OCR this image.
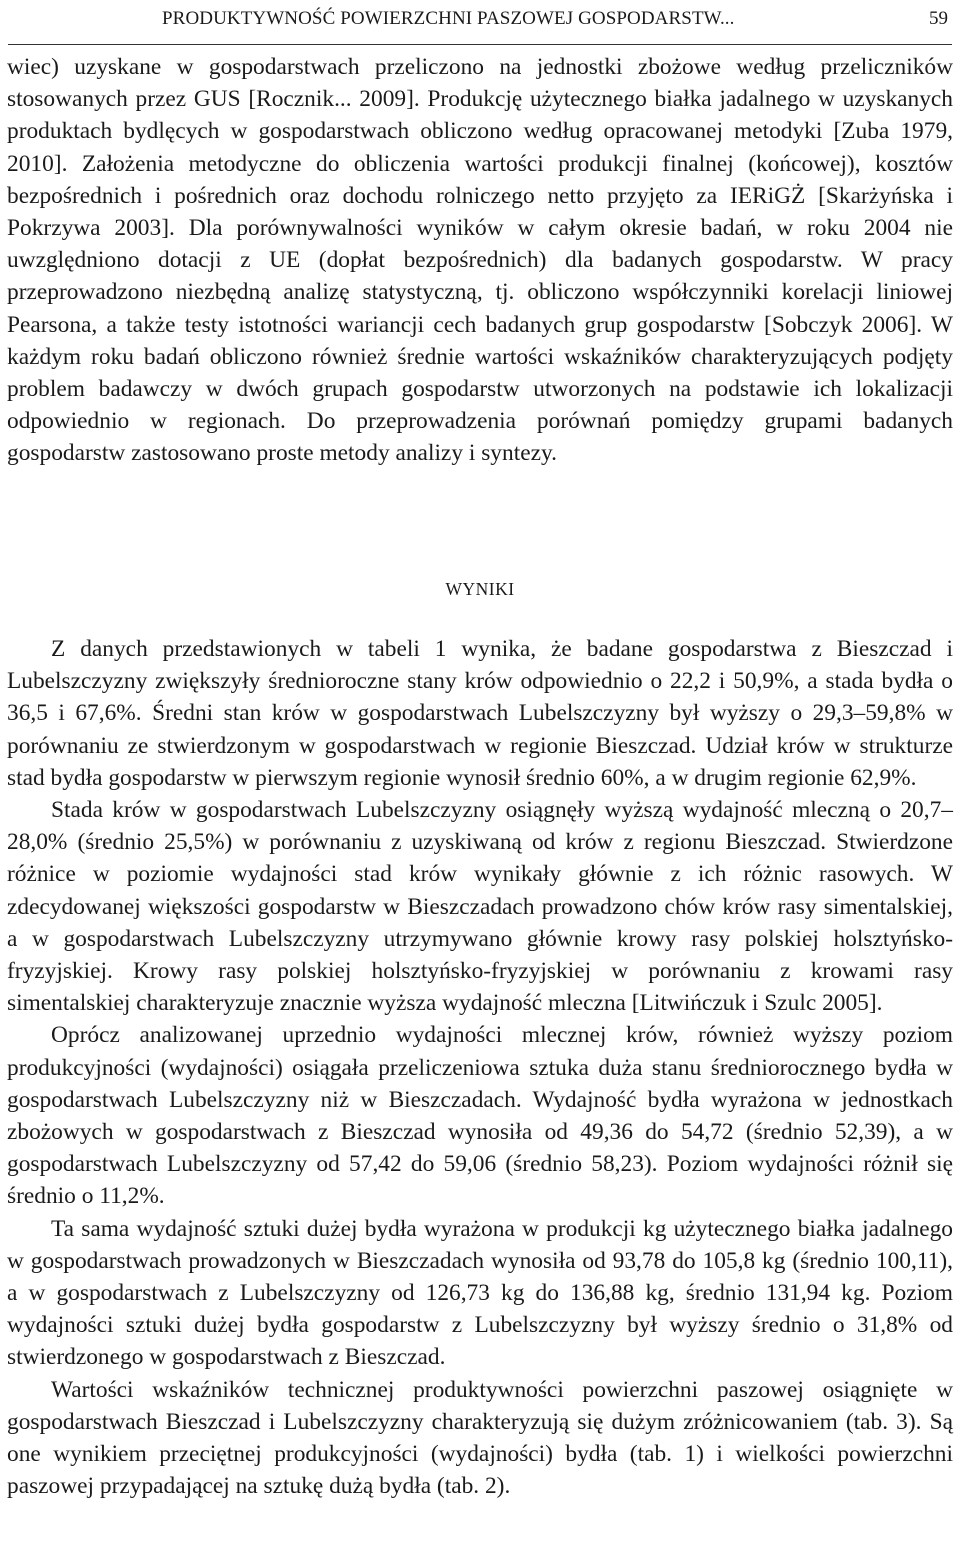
PRODUKTYWNOŚĆ POWIERZCHNI PASZOWEJ GOSPODARSTW...	59

wiec) uzyskane w gospodarstwach przeliczono na jednostki zbożowe według przeliczników stosowanych przez GUS [Rocznik... 2009]. Produkcję użytecznego białka jadalnego w uzyskanych produktach bydlęcych w gospodarstwach obliczono według opracowanej metodyki [Zuba 1979, 2010]. Założenia metodyczne do obliczenia wartości produkcji finalnej (końcowej), kosztów bezpośrednich i pośrednich oraz dochodu rolniczego netto przyjęto za IERiGŻ [Skarżyńska i Pokrzywa 2003]. Dla porównywalności wyników w całym okresie badań, w roku 2004 nie uwzględniono dotacji z UE (dopłat bezpośrednich) dla badanych gospodarstw. W pracy przeprowadzono niezbędną analizę statystyczną, tj. obliczono współczynniki korelacji liniowej Pearsona, a także testy istotności wariancji cech badanych grup gospodarstw [Sobczyk 2006]. W każdym roku badań obliczono również średnie wartości wskaźników charakteryzujących podjęty problem badawczy w dwóch grupach gospodarstw utworzonych na podstawie ich lokalizacji odpowiednio w regionach. Do przeprowadzenia porównań pomiędzy grupami badanych gospodarstw zastosowano proste metody analizy i syntezy.

WYNIKI

Z danych przedstawionych w tabeli 1 wynika, że badane gospodarstwa z Bieszczad i Lubelszczyzny zwiększyły średnioroczne stany krów odpowiednio o 22,2 i 50,9%, a stada bydła o 36,5 i 67,6%. Średni stan krów w gospodarstwach Lubelszczyzny był wyższy o 29,3–59,8% w porównaniu ze stwierdzonym w gospodarstwach w regionie Bieszczad. Udział krów w strukturze stad bydła gospodarstw w pierwszym regionie wynosił średnio 60%, a w drugim regionie 62,9%.

Stada krów w gospodarstwach Lubelszczyzny osiągnęły wyższą wydajność mleczną o 20,7–28,0% (średnio 25,5%) w porównaniu z uzyskiwaną od krów z regionu Bieszczad. Stwierdzone różnice w poziomie wydajności stad krów wynikały głównie z ich różnic rasowych. W zdecydowanej większości gospodarstw w Bieszczadach prowadzono chów krów rasy simentalskiej, a w gospodarstwach Lubelszczyzny utrzymywano głównie krowy rasy polskiej holsztyńsko-fryzyjskiej. Krowy rasy polskiej holsztyńsko-fryzyjskiej w porównaniu z krowami rasy simentalskiej charakteryzuje znacznie wyższa wydajność mleczna [Litwińczuk i Szulc 2005].

Oprócz analizowanej uprzednio wydajności mlecznej krów, również wyższy poziom produkcyjności (wydajności) osiągała przeliczeniowa sztuka duża stanu średniorocznego bydła w gospodarstwach Lubelszczyzny niż w Bieszczadach. Wydajność bydła wyrażona w jednostkach zbożowych w gospodarstwach z Bieszczad wynosiła od 49,36 do 54,72 (średnio 52,39), a w gospodarstwach Lubelszczyzny od 57,42 do 59,06 (średnio 58,23). Poziom wydajności różnił się średnio o 11,2%.

Ta sama wydajność sztuki dużej bydła wyrażona w produkcji kg użytecznego białka jadalnego w gospodarstwach prowadzonych w Bieszczadach wynosiła od 93,78 do 105,8 kg (średnio 100,11), a w gospodarstwach z Lubelszczyzny od 126,73 kg do 136,88 kg, średnio 131,94 kg. Poziom wydajności sztuki dużej bydła gospodarstw z Lubelszczyzny był wyższy średnio o 31,8% od stwierdzonego w gospodarstwach z Bieszczad.

Wartości wskaźników technicznej produktywności powierzchni paszowej osiągnięte w gospodarstwach Bieszczad i Lubelszczyzny charakteryzują się dużym zróżnicowaniem (tab. 3). Są one wynikiem przeciętnej produkcyjności (wydajności) bydła (tab. 1) i wielkości powierzchni paszowej przypadającej na sztukę dużą bydła (tab. 2).
